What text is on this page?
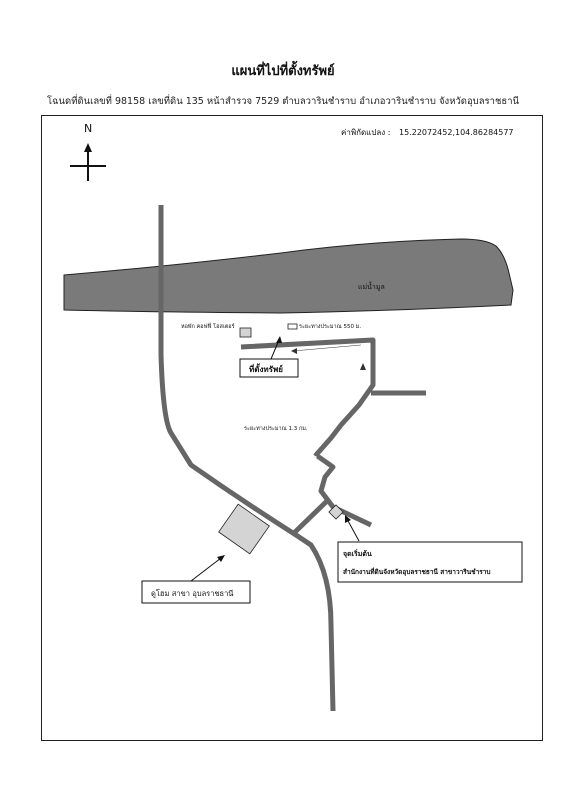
แผนที่ไปที่ตั้งทรัพย์
โฉนดที่ดินเลขที่ 98158 เลขที่ดิน 135 หน้าสำรวจ 7529 ตำบลวารินชำราบ อำเภอวารินชำราบ จังหวัดอุบลราชธานี
N	ค่าพิกัดแปลง : 15.22072452,104.86284577
แม่น้ำมูล
หอพัก คอฟฟี่ โฮสเตอร์	ระยะทางประมาณ 550 ม.
ระยะทางประมาณ 1.3 กม.
ที่ตั้งทรัพย์
จุดเริ่มต้น
สำนักงานที่ดินจังหวัดอุบลราชธานี สาขาวารินชำราบ
ดูโฮม สาขา อุบลราชธานี
